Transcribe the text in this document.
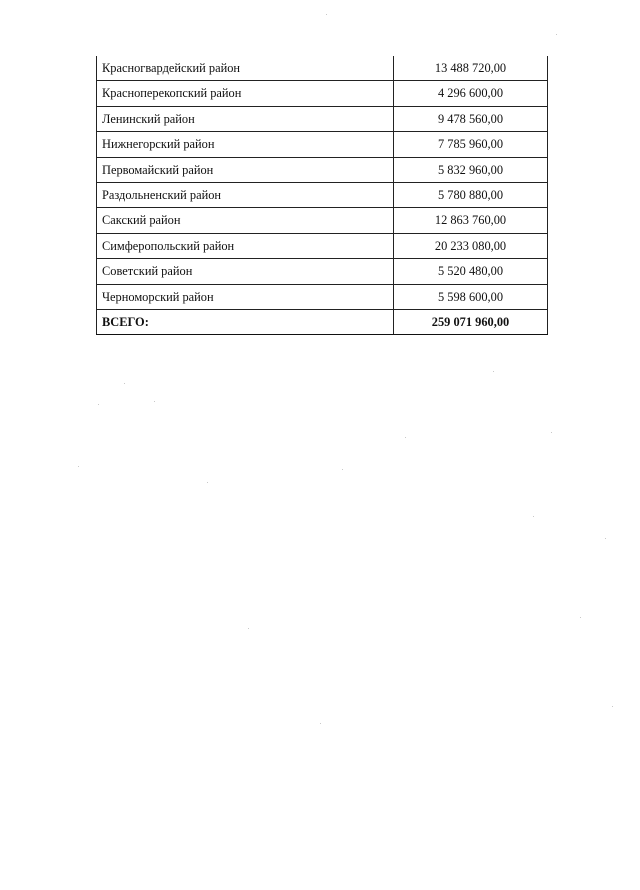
Красногвардейский район	13 488 720,00
Красноперекопский район	4 296 600,00
Ленинский район	9 478 560,00
Нижнегорский район	7 785 960,00
Первомайский район	5 832 960,00
Раздольненский район	5 780 880,00
Сакский район	12 863 760,00
Симферопольский район	20 233 080,00
Советский район	5 520 480,00
Черноморский район	5 598 600,00
ВСЕГО:	259 071 960,00
